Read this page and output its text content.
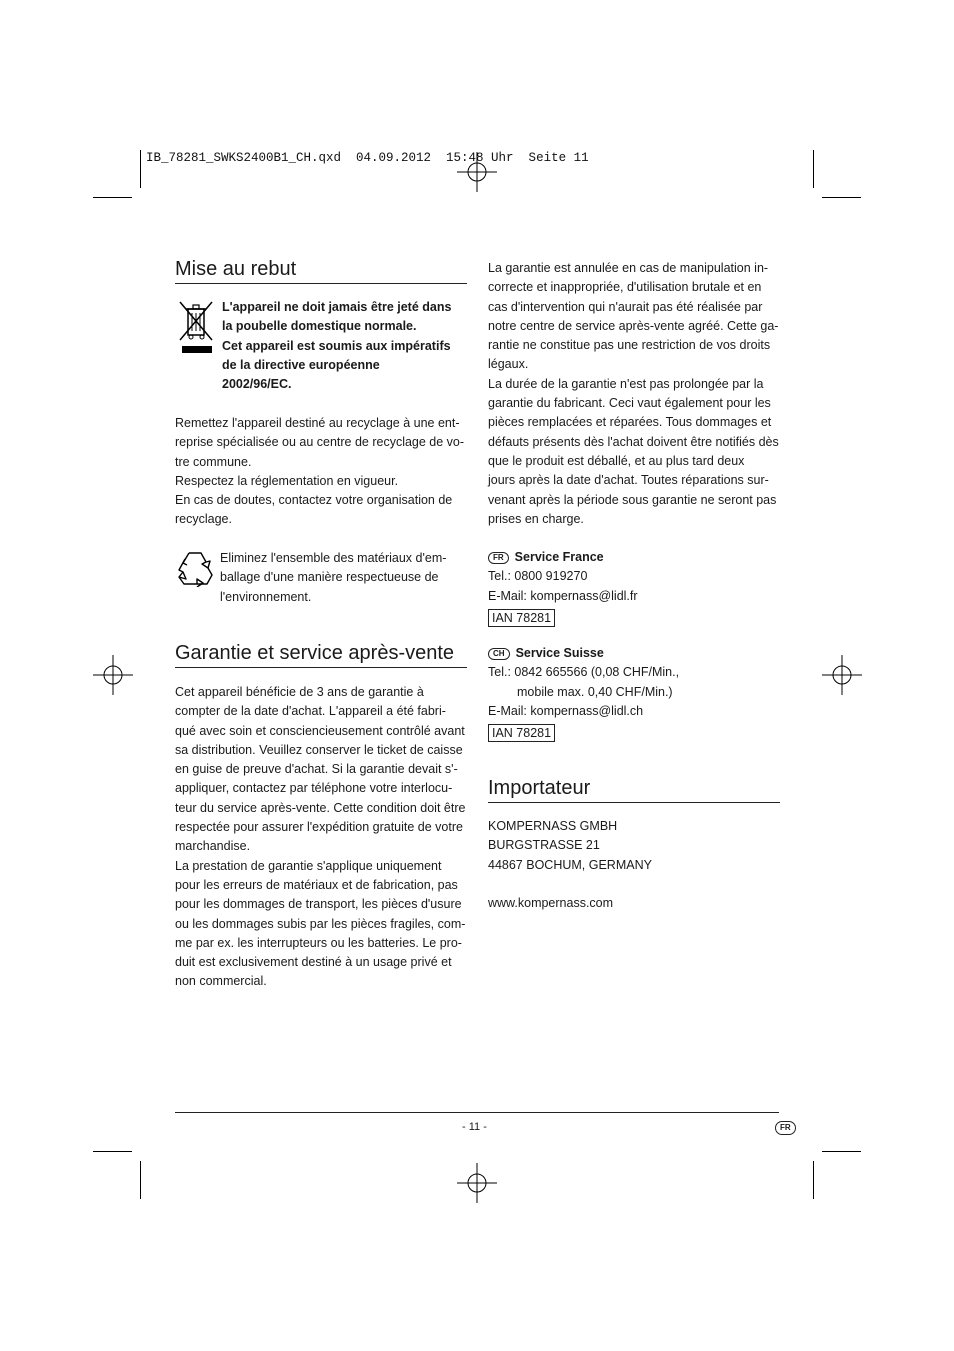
IB_78281_SWKS2400B1_CH.qxd  04.09.2012  15:48 Uhr  Seite 11
Mise au rebut

L'appareil ne doit jamais être jeté dans

la poubelle domestique normale.

Cet appareil est soumis aux impératifs

de la directive européenne

2002/96/EC.

Remettez l'appareil destiné au recyclage à une ent-

reprise spécialisée ou au centre de recyclage de vo-

tre commune.

Respectez la réglementation en vigueur.

En cas de doutes, contactez votre organisation de

recyclage.

Eliminez l'ensemble des matériaux d'em-

ballage d'une manière respectueuse de

l'environnement.

Garantie et service après-vente

Cet appareil bénéficie de 3 ans de garantie à

compter de la date d'achat. L'appareil a été fabri-

qué avec soin et consciencieusement contrôlé avant

sa distribution. Veuillez conserver le ticket de caisse

en guise de preuve d'achat. Si la garantie devait s'-

appliquer, contactez par téléphone votre interlocu-

teur du service après-vente. Cette condition doit être

respectée pour assurer l'expédition gratuite de votre

marchandise.

La prestation de garantie s'applique uniquement

pour les erreurs de matériaux et de fabrication, pas

pour les dommages de transport, les pièces d'usure

ou les dommages subis par les pièces fragiles, com-

me par ex. les interrupteurs ou les batteries. Le pro-

duit est exclusivement destiné à un usage privé et

non commercial.

La garantie est annulée en cas de manipulation in-

correcte et inappropriée, d'utilisation brutale et en

cas d'intervention qui n'aurait pas été réalisée par

notre centre de service après-vente agréé. Cette ga-

rantie ne constitue pas une restriction de vos droits

légaux.

La durée de la garantie n'est pas prolongée par la

garantie du fabricant. Ceci vaut également pour les

pièces remplacées et réparées. Tous dommages et

défauts présents dès l'achat doivent être notifiés dès

que le produit est déballé, et au plus tard deux

jours après la date d'achat. Toutes réparations sur-

venant après la période sous garantie ne seront pas

prises en charge.

FR Service France

Tel.: 0800 919270

E-Mail: kompernass@lidl.fr

IAN 78281

CH Service Suisse

Tel.: 0842 665566 (0,08 CHF/Min.,

mobile max. 0,40 CHF/Min.)

E-Mail: kompernass@lidl.ch

IAN 78281

Importateur

KOMPERNASS GMBH

BURGSTRASSE 21

44867 BOCHUM, GERMANY

www.kompernass.com

- 11 -	FR
